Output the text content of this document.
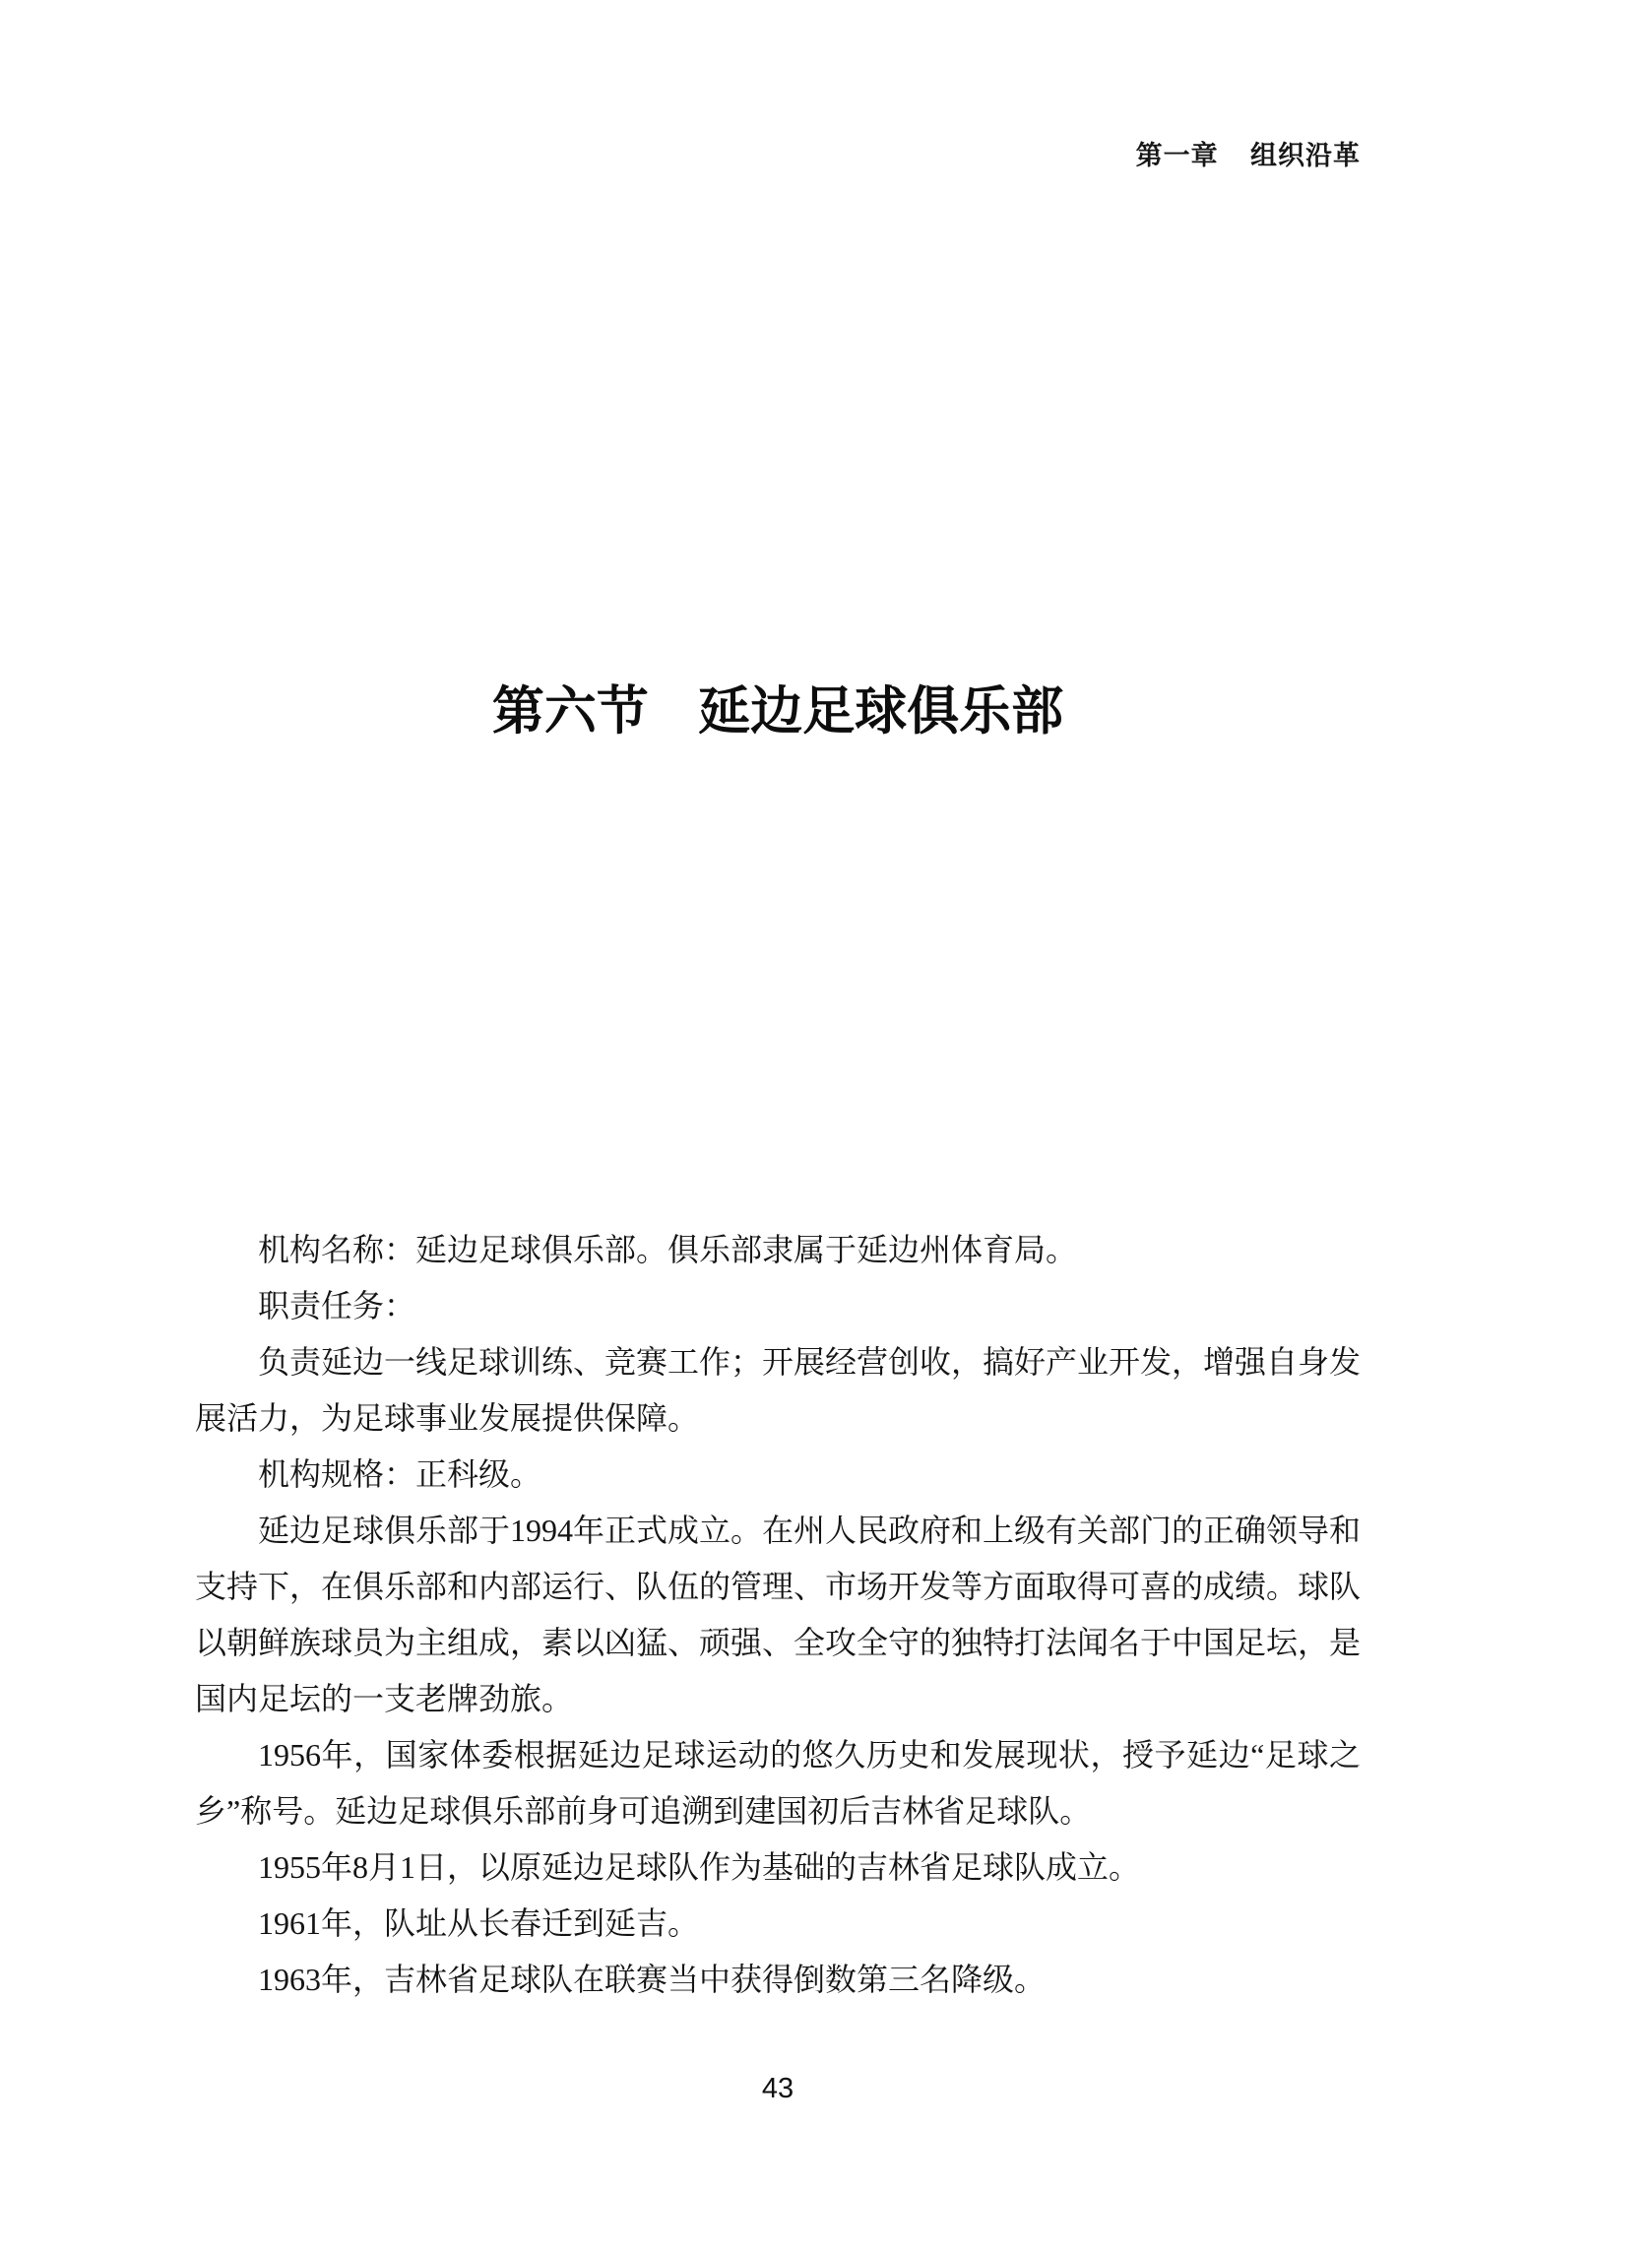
第一章 组织沿革
第六节 延边足球俱乐部

机构名称：延边足球俱乐部。俱乐部隶属于延边州体育局。

职责任务：

负责延边一线足球训练、竞赛工作；开展经营创收，搞好产业开发，增强自身发展活力，为足球事业发展提供保障。

机构规格：正科级。

延边足球俱乐部于1994年正式成立。在州人民政府和上级有关部门的正确领导和支持下，在俱乐部和内部运行、队伍的管理、市场开发等方面取得可喜的成绩。球队以朝鲜族球员为主组成，素以凶猛、顽强、全攻全守的独特打法闻名于中国足坛，是国内足坛的一支老牌劲旅。

1956年，国家体委根据延边足球运动的悠久历史和发展现状，授予延边“足球之乡”称号。延边足球俱乐部前身可追溯到建国初后吉林省足球队。

1955年8月1日，以原延边足球队作为基础的吉林省足球队成立。

1961年，队址从长春迁到延吉。

1963年，吉林省足球队在联赛当中获得倒数第三名降级。

43
